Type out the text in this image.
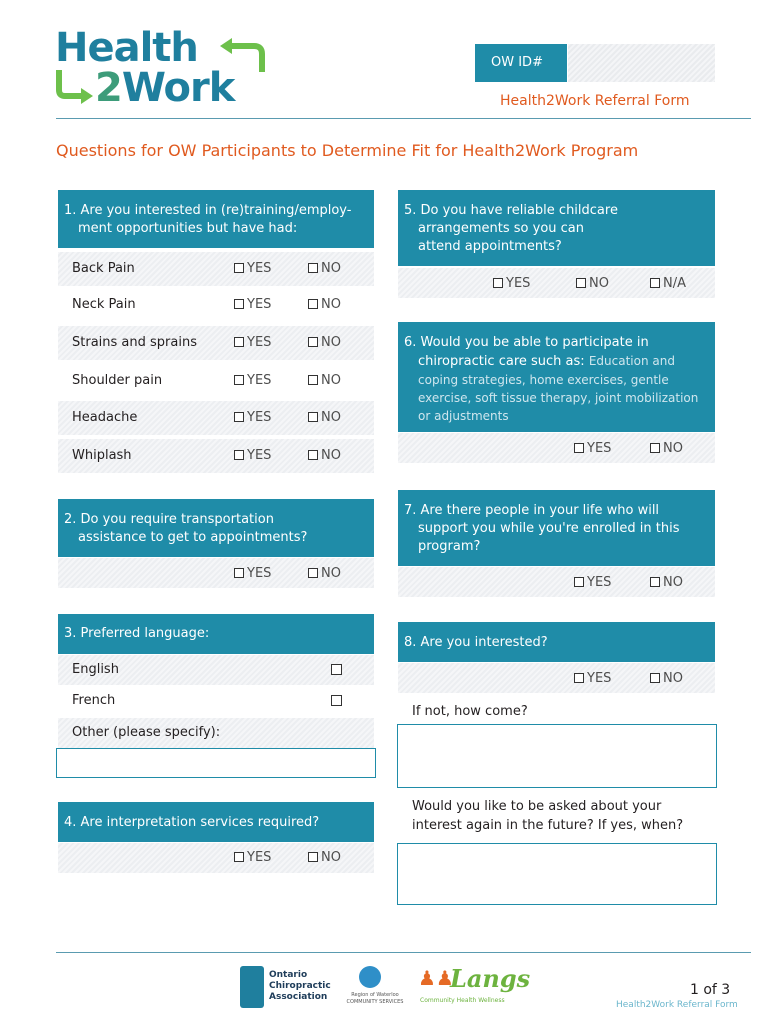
Health
2Work
OW ID#
Health2Work Referral Form
Questions for OW Participants to Determine Fit for Health2Work Program
1. Are you interested in (re)training/employ-
ment opportunities but have had:
Back Pain	YES	NO
Neck Pain	YES	NO
Strains and sprains	YES	NO
Shoulder pain	YES	NO
Headache	YES	NO
Whiplash	YES	NO
2. Do you require transportation
assistance to get to appointments?
YES	NO
3. Preferred language:
English
French
Other (please specify):
4. Are interpretation services required?
YES	NO
5. Do you have reliable childcare
arrangements so you can
attend appointments?
YES	NO	N/A
6. Would you be able to participate in
chiropractic care such as: Education and
coping strategies, home exercises, gentle
exercise, soft tissue therapy, joint mobilization
or adjustments
YES	NO
7. Are there people in your life who will
support you while you're enrolled in this
program?
YES	NO
8. Are you interested?
YES	NO
If not, how come?
Would you like to be asked about your
interest again in the future? If yes, when?
Ontario
Chiropractic
Association	Region of Waterloo COMMUNITY SERVICES
♟♟
Langs
Community Health Wellness
1 of 3
Health2Work Referral Form
